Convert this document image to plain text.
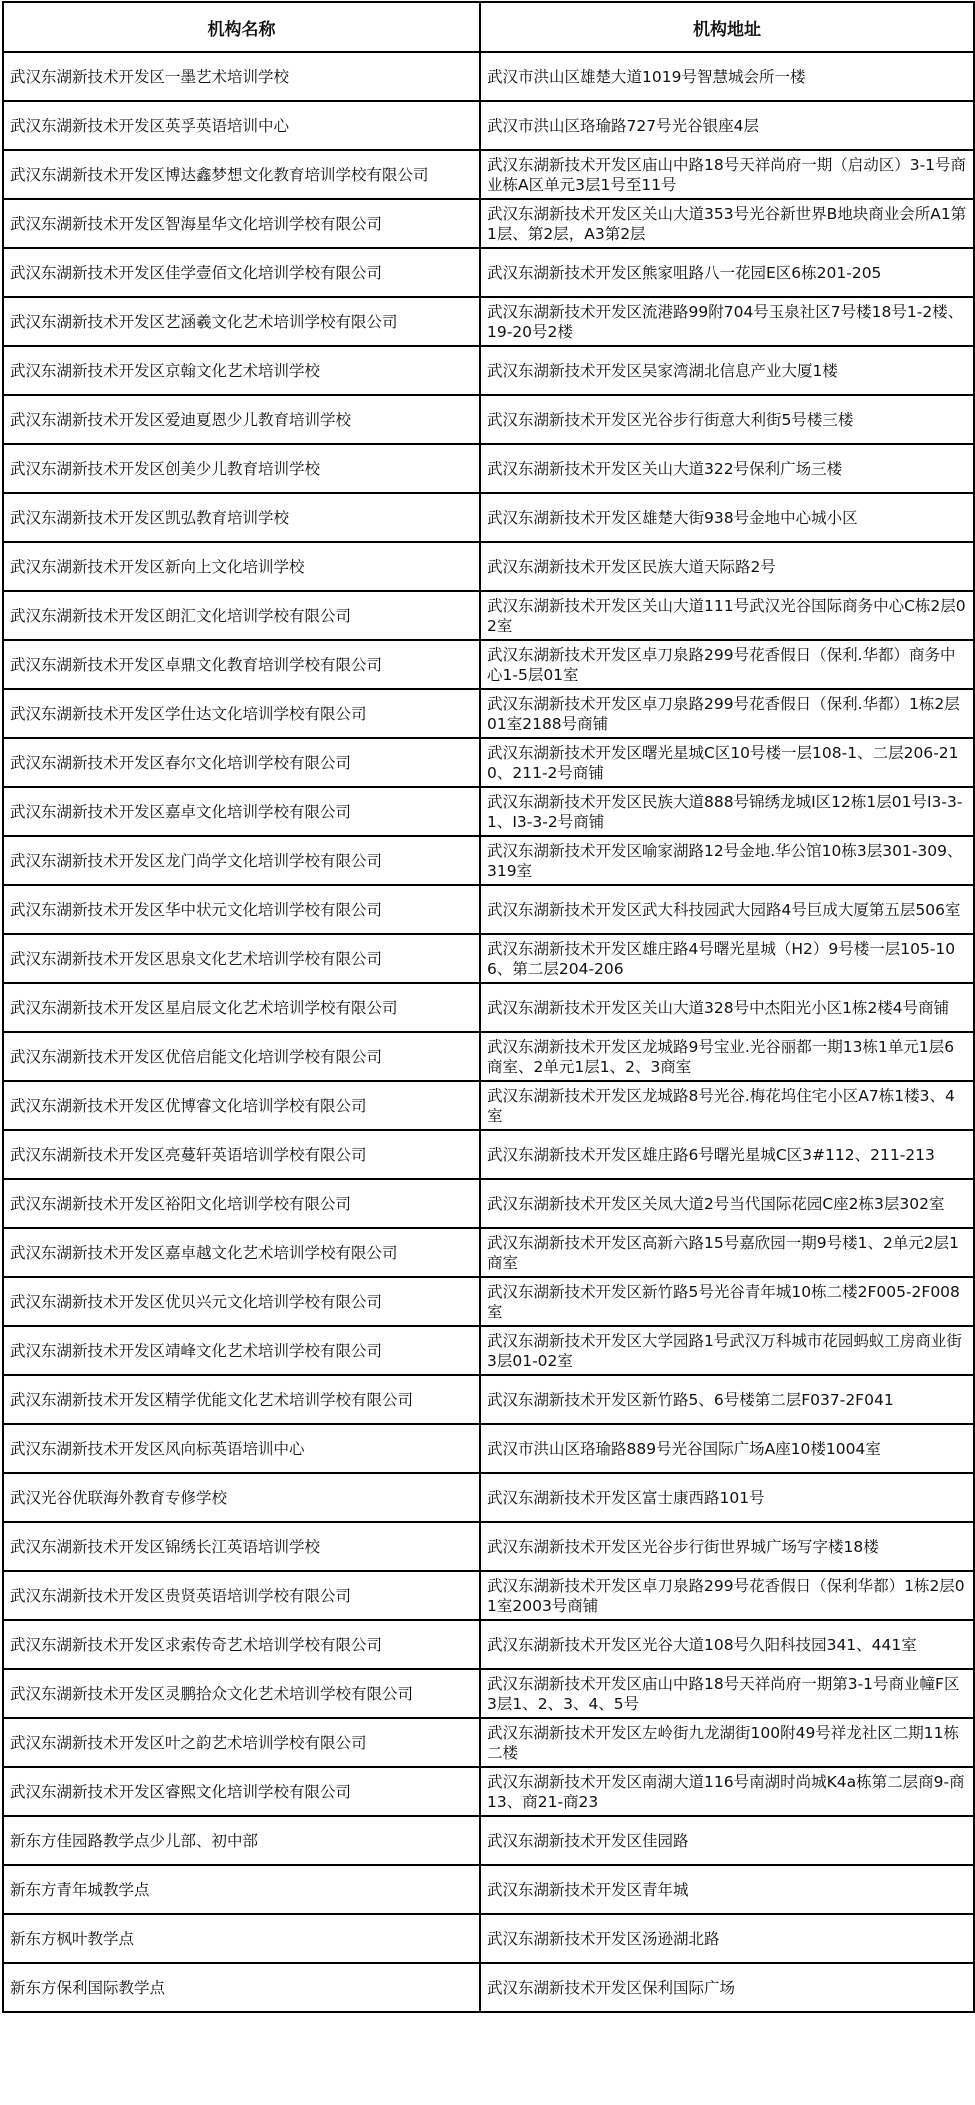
机构名称	机构地址
武汉东湖新技术开发区一墨艺术培训学校	武汉市洪山区雄楚大道1019号智慧城会所一楼
武汉东湖新技术开发区英孚英语培训中心	武汉市洪山区珞瑜路727号光谷银座4层
武汉东湖新技术开发区博达鑫梦想文化教育培训学校有限公司	武汉东湖新技术开发区庙山中路18号天祥尚府一期（启动区）3-1号商业栋A区单元3层1号至11号
武汉东湖新技术开发区智海星华文化培训学校有限公司	武汉东湖新技术开发区关山大道353号光谷新世界B地块商业会所A1第1层、第2层，A3第2层
武汉东湖新技术开发区佳学壹佰文化培训学校有限公司	武汉东湖新技术开发区熊家咀路八一花园E区6栋201-205
武汉东湖新技术开发区艺涵羲文化艺术培训学校有限公司	武汉东湖新技术开发区流港路99附704号玉泉社区7号楼18号1-2楼、19-20号2楼
武汉东湖新技术开发区京翰文化艺术培训学校	武汉东湖新技术开发区吴家湾湖北信息产业大厦1楼
武汉东湖新技术开发区爱迪夏恩少儿教育培训学校	武汉东湖新技术开发区光谷步行街意大利街5号楼三楼
武汉东湖新技术开发区创美少儿教育培训学校	武汉东湖新技术开发区关山大道322号保利广场三楼
武汉东湖新技术开发区凯弘教育培训学校	武汉东湖新技术开发区雄楚大街938号金地中心城小区
武汉东湖新技术开发区新向上文化培训学校	武汉东湖新技术开发区民族大道天际路2号
武汉东湖新技术开发区朗汇文化培训学校有限公司	武汉东湖新技术开发区关山大道111号武汉光谷国际商务中心C栋2层02室
武汉东湖新技术开发区卓鼎文化教育培训学校有限公司	武汉东湖新技术开发区卓刀泉路299号花香假日（保利.华都）商务中心1-5层01室
武汉东湖新技术开发区学仕达文化培训学校有限公司	武汉东湖新技术开发区卓刀泉路299号花香假日（保利.华都）1栋2层01室2188号商铺
武汉东湖新技术开发区春尔文化培训学校有限公司	武汉东湖新技术开发区曙光星城C区10号楼一层108-1、二层206-210、211-2号商铺
武汉东湖新技术开发区嘉卓文化培训学校有限公司	武汉东湖新技术开发区民族大道888号锦绣龙城I区12栋1层01号I3-3-1、I3-3-2号商铺
武汉东湖新技术开发区龙门尚学文化培训学校有限公司	武汉东湖新技术开发区喻家湖路12号金地.华公馆10栋3层301-309、319室
武汉东湖新技术开发区华中状元文化培训学校有限公司	武汉东湖新技术开发区武大科技园武大园路4号巨成大厦第五层506室
武汉东湖新技术开发区思泉文化艺术培训学校有限公司	武汉东湖新技术开发区雄庄路4号曙光星城（H2）9号楼一层105-106、第二层204-206
武汉东湖新技术开发区星启辰文化艺术培训学校有限公司	武汉东湖新技术开发区关山大道328号中杰阳光小区1栋2楼4号商铺
武汉东湖新技术开发区优倍启能文化培训学校有限公司	武汉东湖新技术开发区龙城路9号宝业.光谷丽都一期13栋1单元1层6商室、2单元1层1、2、3商室
武汉东湖新技术开发区优博睿文化培训学校有限公司	武汉东湖新技术开发区龙城路8号光谷.梅花坞住宅小区A7栋1楼3、4室
武汉东湖新技术开发区亮蔓轩英语培训学校有限公司	武汉东湖新技术开发区雄庄路6号曙光星城C区3#112、211-213
武汉东湖新技术开发区裕阳文化培训学校有限公司	武汉东湖新技术开发区关凤大道2号当代国际花园C座2栋3层302室
武汉东湖新技术开发区嘉卓越文化艺术培训学校有限公司	武汉东湖新技术开发区高新六路15号嘉欣园一期9号楼1、2单元2层1商室
武汉东湖新技术开发区优贝兴元文化培训学校有限公司	武汉东湖新技术开发区新竹路5号光谷青年城10栋二楼2F005-2F008室
武汉东湖新技术开发区靖峰文化艺术培训学校有限公司	武汉东湖新技术开发区大学园路1号武汉万科城市花园蚂蚁工房商业街3层01-02室
武汉东湖新技术开发区精学优能文化艺术培训学校有限公司	武汉东湖新技术开发区新竹路5、6号楼第二层F037-2F041
武汉东湖新技术开发区风向标英语培训中心	武汉市洪山区珞瑜路889号光谷国际广场A座10楼1004室
武汉光谷优联海外教育专修学校	武汉东湖新技术开发区富士康西路101号
武汉东湖新技术开发区锦绣长江英语培训学校	武汉东湖新技术开发区光谷步行街世界城广场写字楼18楼
武汉东湖新技术开发区贵贤英语培训学校有限公司	武汉东湖新技术开发区卓刀泉路299号花香假日（保利华都）1栋2层01室2003号商铺
武汉东湖新技术开发区求索传奇艺术培训学校有限公司	武汉东湖新技术开发区光谷大道108号久阳科技园341、441室
武汉东湖新技术开发区灵鹏拾众文化艺术培训学校有限公司	武汉东湖新技术开发区庙山中路18号天祥尚府一期第3-1号商业幢F区3层1、2、3、4、5号
武汉东湖新技术开发区叶之韵艺术培训学校有限公司	武汉东湖新技术开发区左岭街九龙湖街100附49号祥龙社区二期11栋二楼
武汉东湖新技术开发区睿熙文化培训学校有限公司	武汉东湖新技术开发区南湖大道116号南湖时尚城K4a栋第二层商9-商13、商21-商23
新东方佳园路教学点少儿部、初中部	武汉东湖新技术开发区佳园路
新东方青年城教学点	武汉东湖新技术开发区青年城
新东方枫叶教学点	武汉东湖新技术开发区汤逊湖北路
新东方保利国际教学点	武汉东湖新技术开发区保利国际广场
